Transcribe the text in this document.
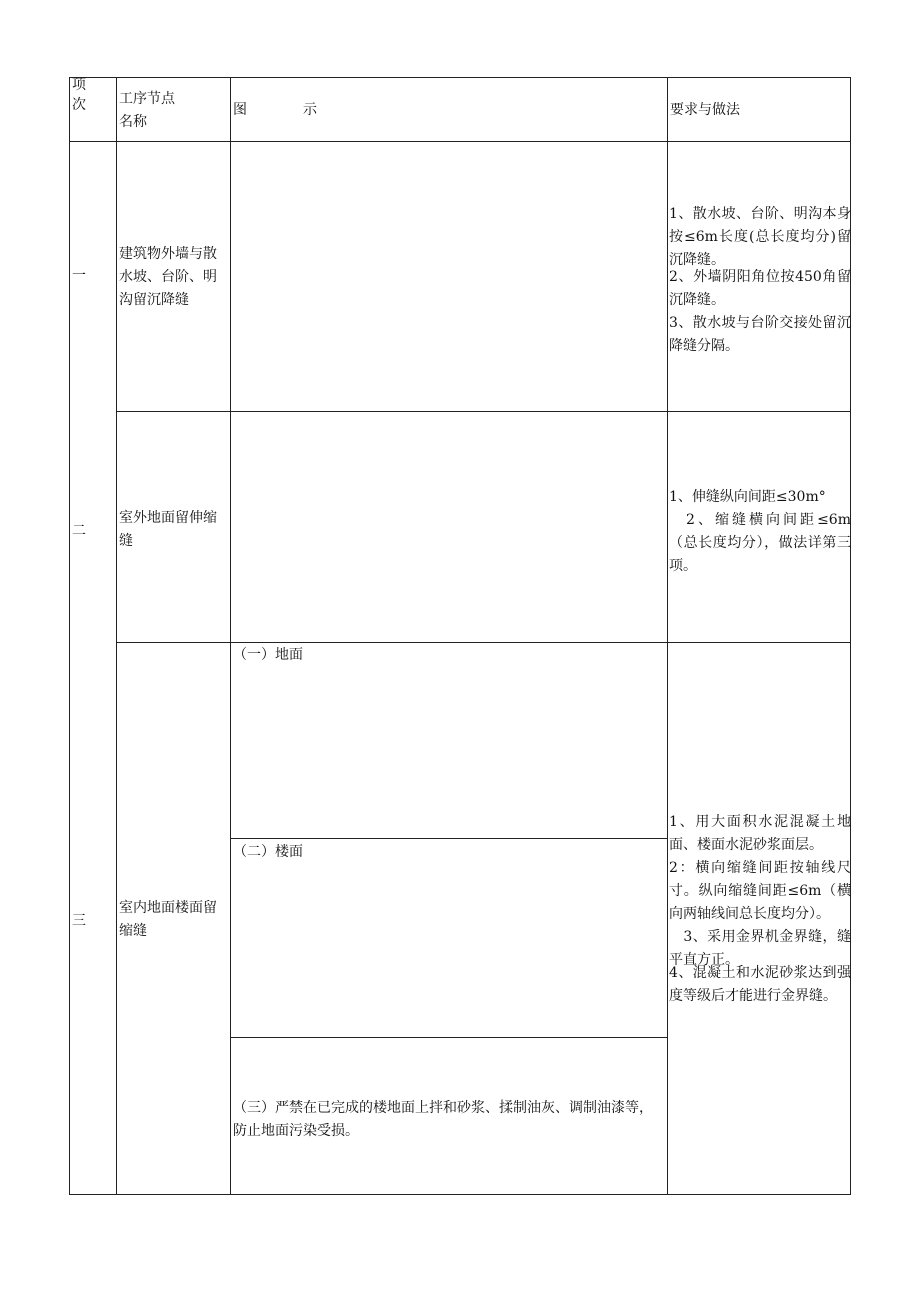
项次	工序节点
名称
图　　　　示	要求与做法
一
建筑物外墙与散水坡、台阶、明沟留沉降缝
1、散水坡、台阶、明沟本身按≤6m长度(总长度均分)留沉降缝。
2、外墙阴阳角位按450角留沉降缝。
3、散水坡与台阶交接处留沉降缝分隔。
二
室外地面留伸缩缝
1、伸缝纵向间距≤30m°
　2、缩缝横向间距≤6m（总长度均分），做法详第三项。
三
室内地面楼面留缩缝
（一）地面
（二）楼面
（三）严禁在已完成的楼地面上拌和砂浆、揉制油灰、调制油漆等，防止地面污染受损。
1、用大面积水泥混凝土地面、楼面水泥砂浆面层。
2：横向缩缝间距按轴线尺寸。纵向缩缝间距≤6m（横向两轴线间总长度均分）。
　3、采用金界机金界缝，缝平直方正。
4、混凝土和水泥砂浆达到强度等级后才能进行金界缝。
